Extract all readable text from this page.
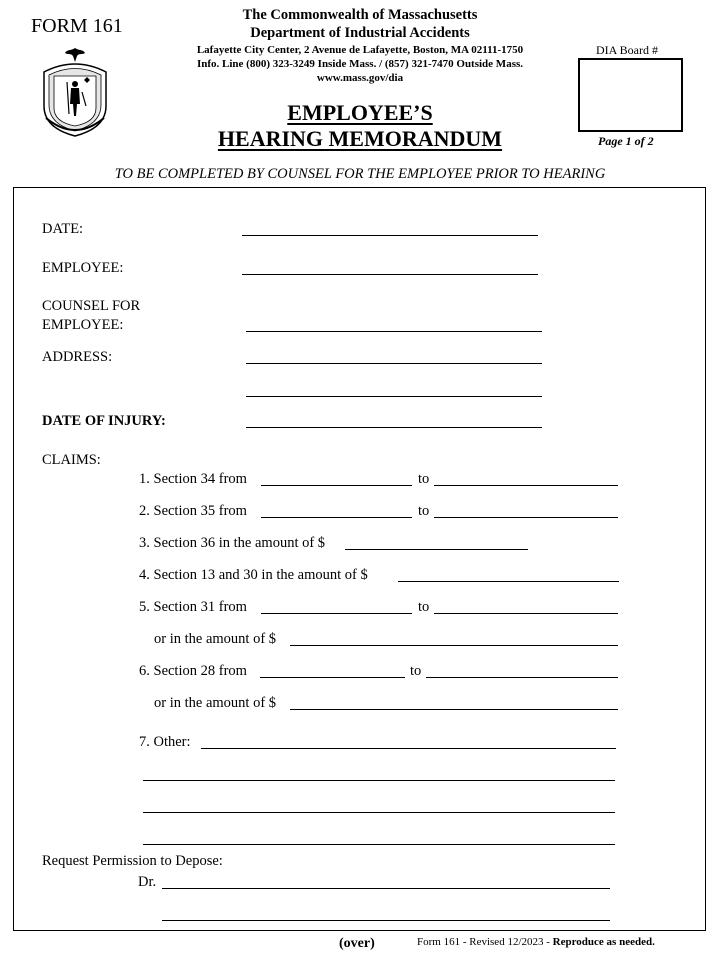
FORM 161	The Commonwealth of Massachusetts
Department of Industrial Accidents
Lafayette City Center, 2 Avenue de Lafayette, Boston, MA 02111-1750
Info. Line (800) 323-3249 Inside Mass. / (857) 321-7470 Outside Mass.
www.mass.gov/dia
DIA Board #
Page 1 of 2
EMPLOYEE’S
HEARING MEMORANDUM
TO BE COMPLETED BY COUNSEL FOR THE EMPLOYEE PRIOR TO HEARING
DATE:
EMPLOYEE:
COUNSEL FOR
EMPLOYEE:
ADDRESS:
DATE OF INJURY:
CLAIMS:
1. Section 34 from	to
2. Section 35 from	to
3. Section 36 in the amount of $
4. Section 13 and 30 in the amount of $
5. Section 31 from	to
or in the amount of $
6. Section 28 from	to
or in the amount of $
7. Other:
Request Permission to Depose:
Dr.
(over)	Form 161 - Revised 12/2023 - Reproduce as needed.
